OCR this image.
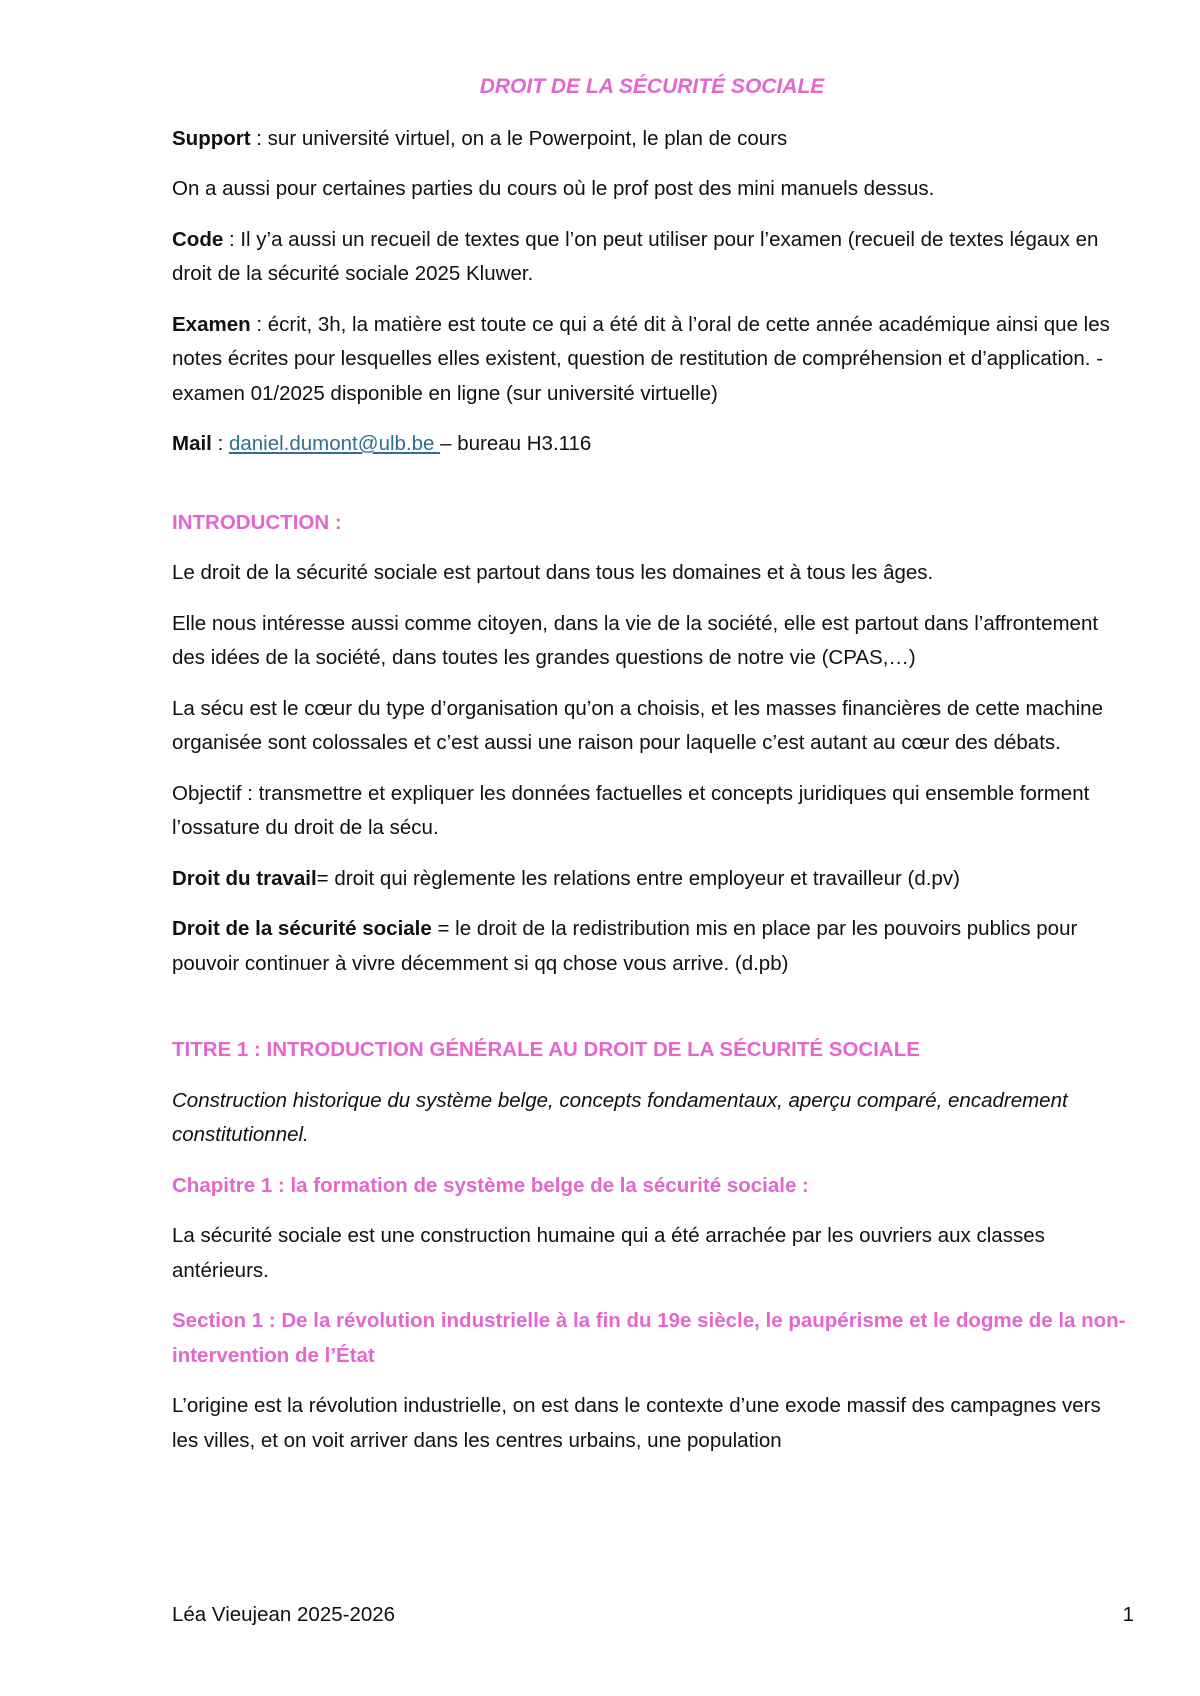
DROIT DE LA SÉCURITÉ SOCIALE

Support : sur université virtuel, on a le Powerpoint, le plan de cours

On a aussi pour certaines parties du cours où le prof post des mini manuels dessus.

Code : Il y’a aussi un recueil de textes que l’on peut utiliser pour l’examen (recueil de textes légaux en droit de la sécurité sociale 2025 Kluwer.

Examen : écrit, 3h, la matière est toute ce qui a été dit à l’oral de cette année académique ainsi que les notes écrites pour lesquelles elles existent, question de restitution de compréhension et d’application. -examen 01/2025 disponible en ligne (sur université virtuelle)

Mail : daniel.dumont@ulb.be – bureau H3.116

INTRODUCTION :

Le droit de la sécurité sociale est partout dans tous les domaines et à tous les âges.

Elle nous intéresse aussi comme citoyen, dans la vie de la société, elle est partout dans l’affrontement des idées de la société, dans toutes les grandes questions de notre vie (CPAS,…)

La sécu est le cœur du type d’organisation qu’on a choisis, et les masses financières de cette machine organisée sont colossales et c’est aussi une raison pour laquelle c’est autant au cœur des débats.

Objectif : transmettre et expliquer les données factuelles et concepts juridiques qui ensemble forment l’ossature du droit de la sécu.

Droit du travail= droit qui règlemente les relations entre employeur et travailleur (d.pv)

Droit de la sécurité sociale = le droit de la redistribution mis en place par les pouvoirs publics pour pouvoir continuer à vivre décemment si qq chose vous arrive. (d.pb)

TITRE 1 : INTRODUCTION GÉNÉRALE AU DROIT DE LA SÉCURITÉ SOCIALE

Construction historique du système belge, concepts fondamentaux, aperçu comparé, encadrement constitutionnel.

Chapitre 1 : la formation de système belge de la sécurité sociale :

La sécurité sociale est une construction humaine qui a été arrachée par les ouvriers aux classes antérieurs.

Section 1 : De la révolution industrielle à la fin du 19e siècle, le paupérisme et le dogme de la non-intervention de l’État

L’origine est la révolution industrielle, on est dans le contexte d’une exode massif des campagnes vers les villes, et on voit arriver dans les centres urbains, une population

Léa Vieujean 2025-2026	1
